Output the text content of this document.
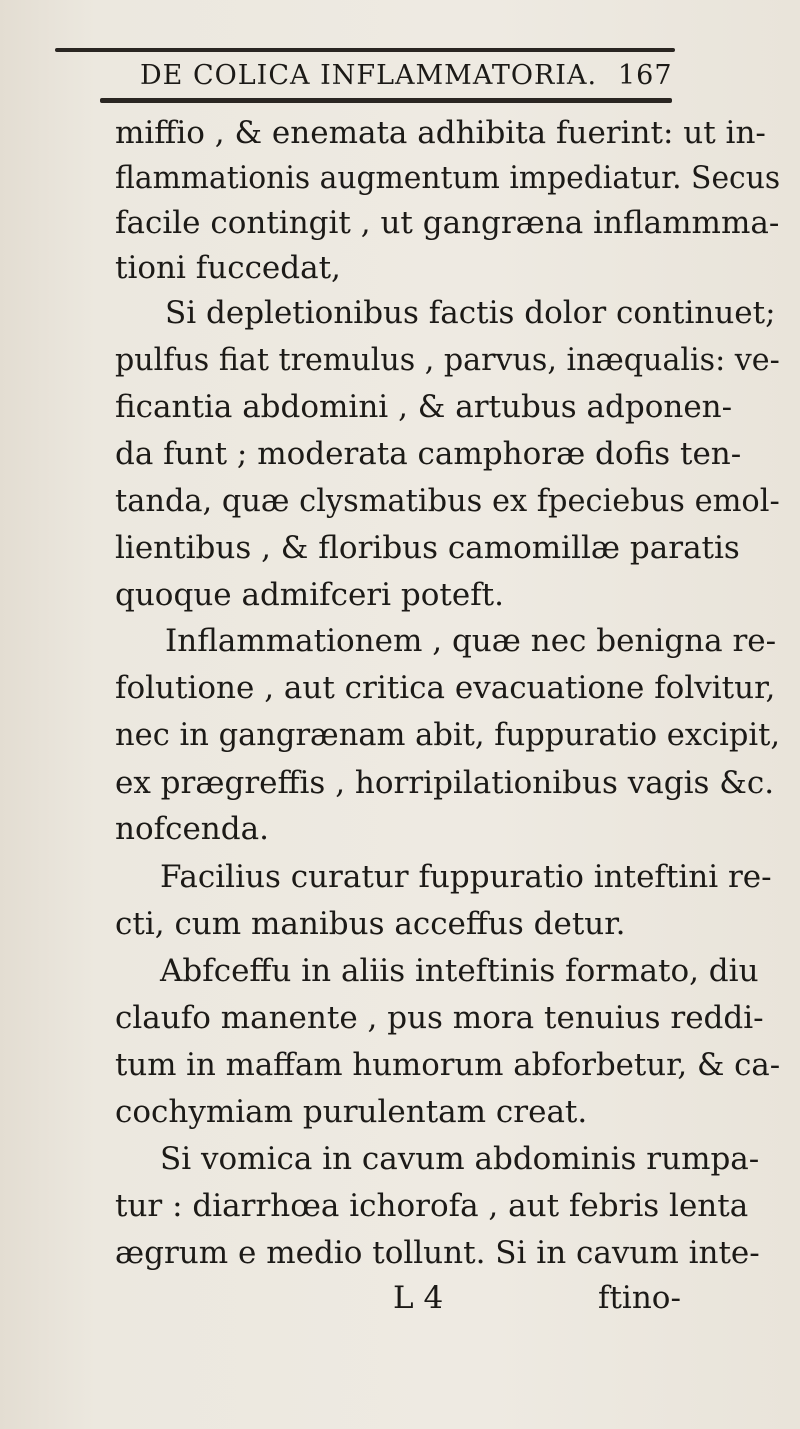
DE COLICA INFLAMMATORIA. 167
miffio , & enemata adhibita fuerint: ut in-
flammationis augmentum impediatur. Secus
facile contingit , ut gangræna inflammma-
tioni fuccedat,
Si depletionibus factis dolor continuet;
pulfus fiat tremulus , parvus, inæqualis: ve-
ficantia abdomini , & artubus adponen-
da funt ; moderata camphoræ dofis ten-
tanda, quæ clysmatibus ex fpeciebus emol-
lientibus , & floribus camomillæ paratis
quoque admifceri poteft.
Inflammationem , quæ nec benigna re-
folutione , aut critica evacuatione folvitur,
nec in gangrænam abit, fuppuratio excipit,
ex prægreffis , horripilationibus vagis &c.
nofcenda.
Facilius curatur fuppuratio inteftini re-
cti, cum manibus acceffus detur.
Abfceffu in aliis inteftinis formato, diu
claufo manente , pus mora tenuius reddi-
tum in maffam humorum abforbetur, & ca-
cochymiam purulentam creat.
Si vomica in cavum abdominis rumpa-
tur : diarrhœa ichorofa , aut febris lenta
ægrum e medio tollunt. Si in cavum inte-
L 4	ftino-
